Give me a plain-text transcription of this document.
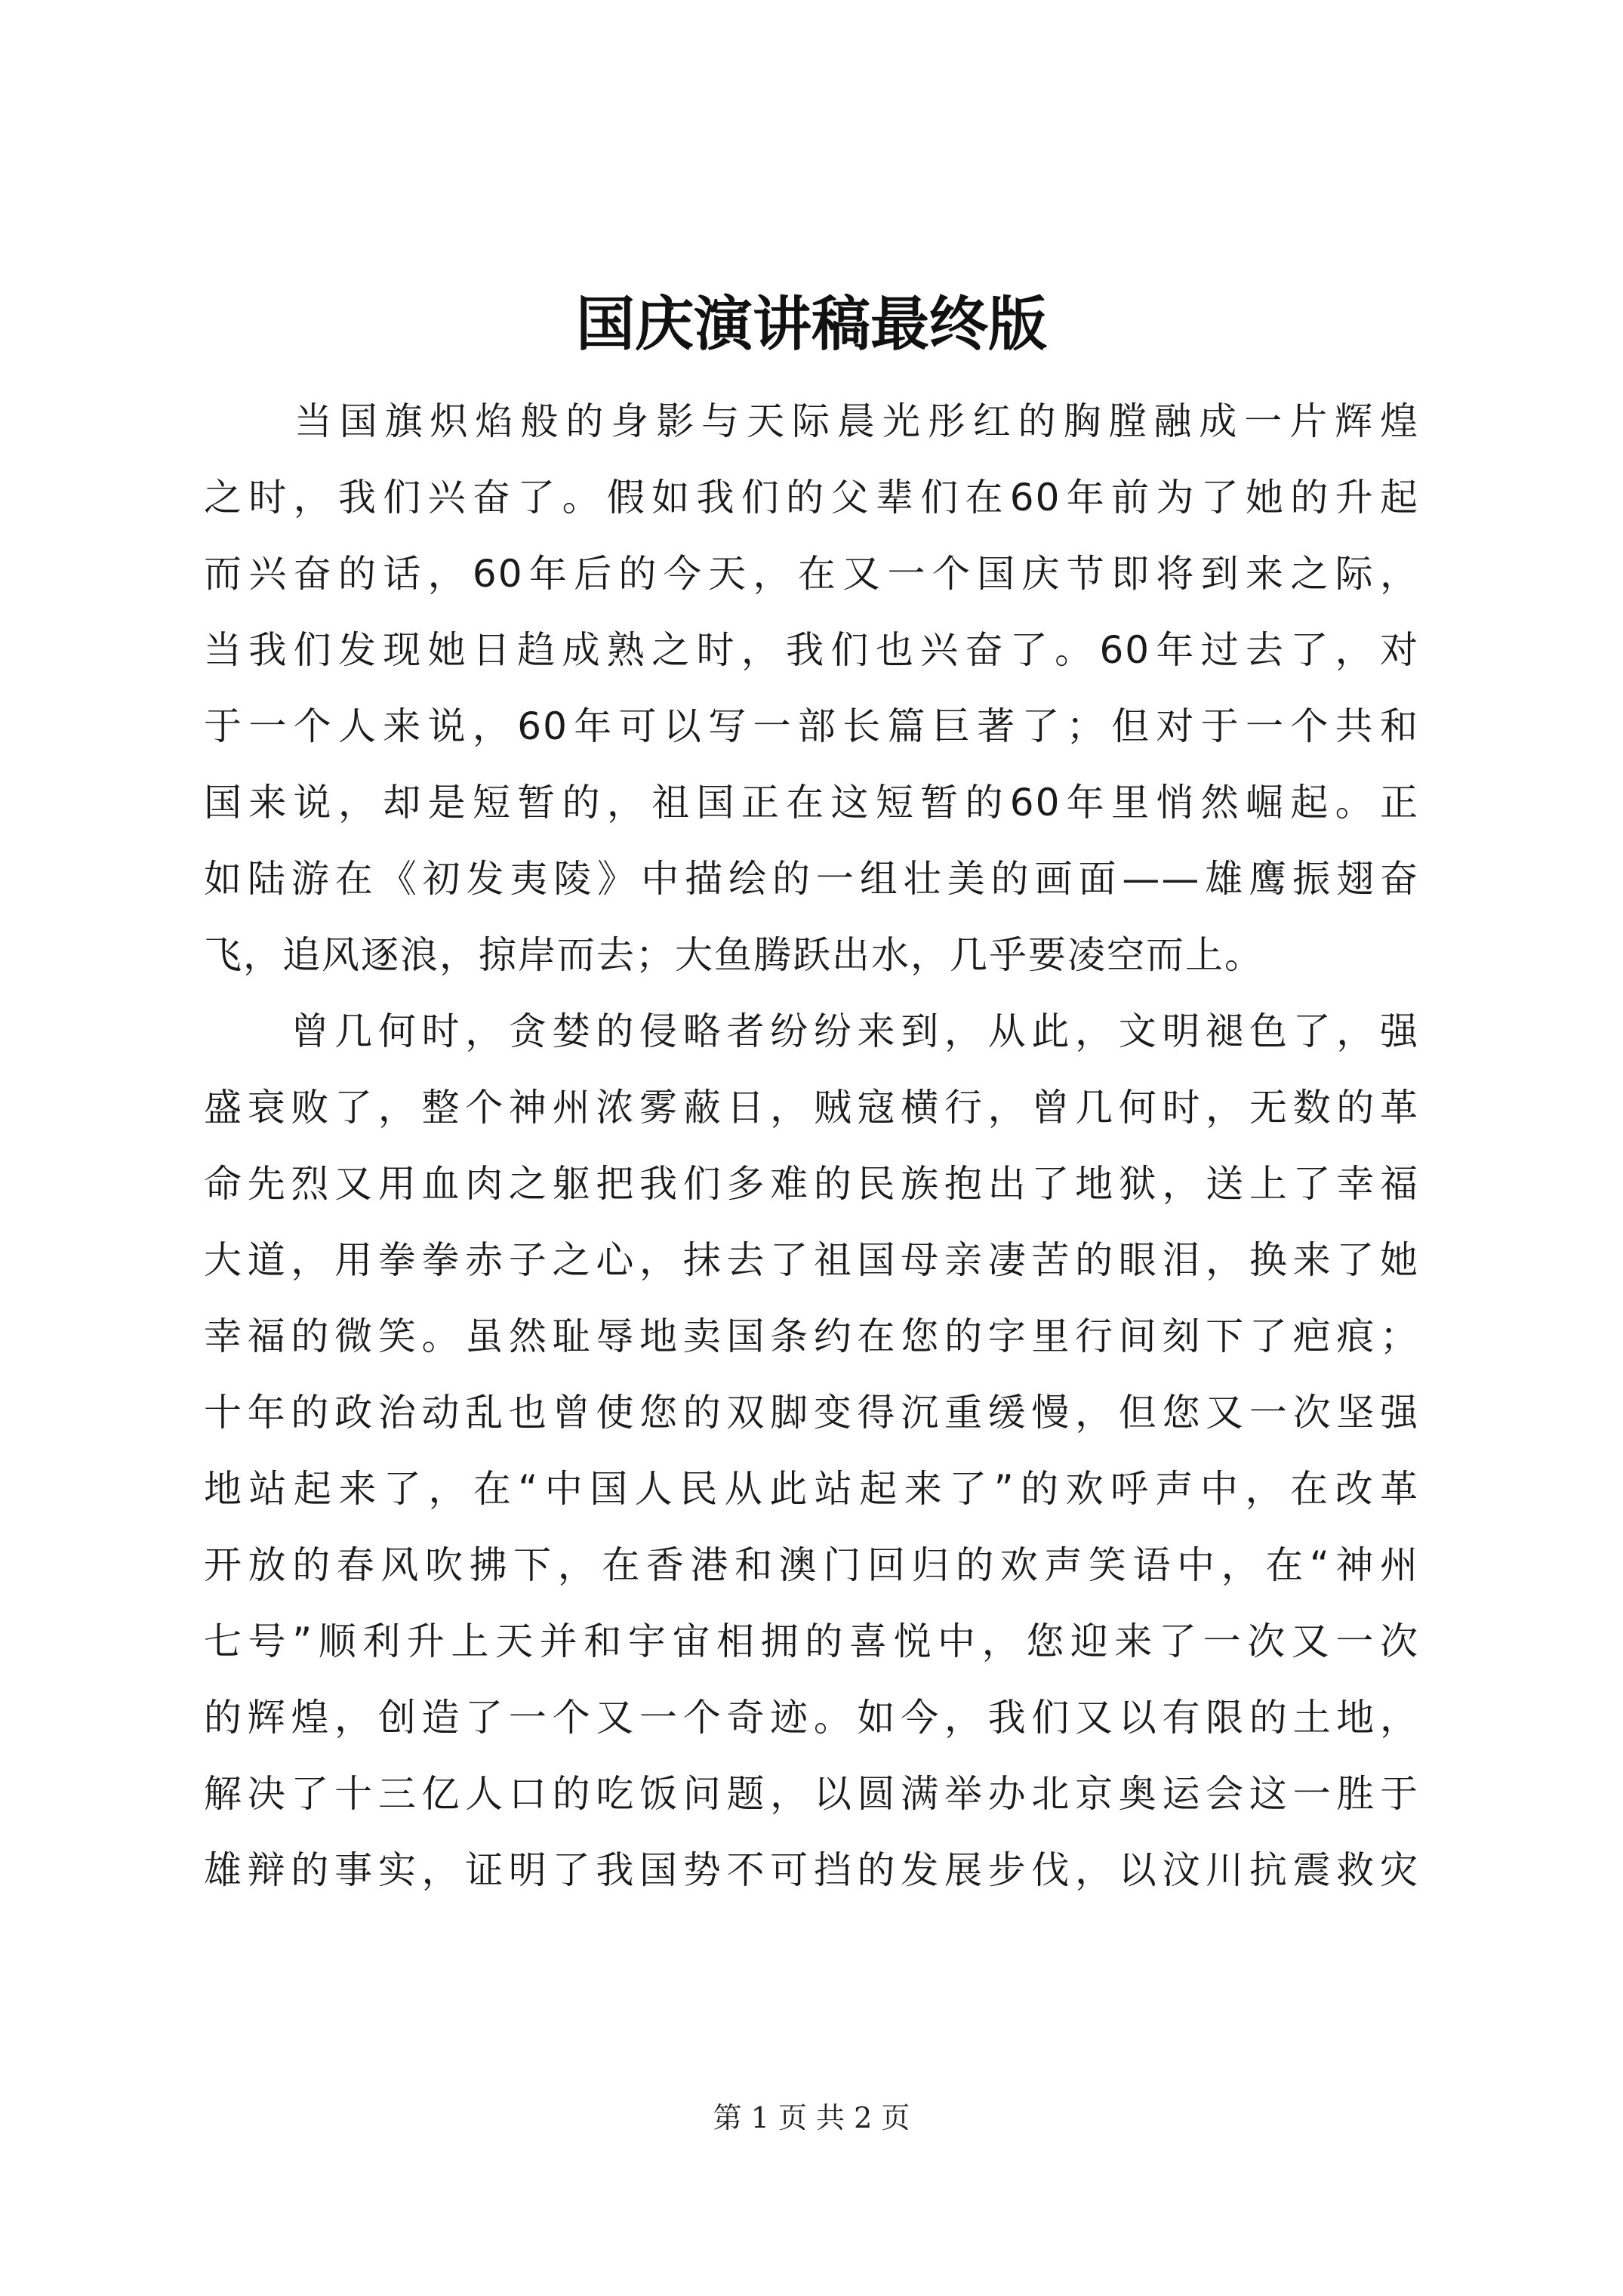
国庆演讲稿最终版
　　当国旗炽焰般的身影与天际晨光彤红的胸膛融成一片辉煌
之时，我们兴奋了。假如我们的父辈们在60年前为了她的升起
而兴奋的话，60年后的今天，在又一个国庆节即将到来之际，
当我们发现她日趋成熟之时，我们也兴奋了。60年过去了，对
于一个人来说，60年可以写一部长篇巨著了；但对于一个共和
国来说，却是短暂的，祖国正在这短暂的60年里悄然崛起。正
如陆游在《初发夷陵》中描绘的一组壮美的画面——雄鹰振翅奋
飞，追风逐浪，掠岸而去；大鱼腾跃出水，几乎要凌空而上。
　　曾几何时，贪婪的侵略者纷纷来到，从此，文明褪色了，强
盛衰败了，整个神州浓雾蔽日，贼寇横行，曾几何时，无数的革
命先烈又用血肉之躯把我们多难的民族抱出了地狱，送上了幸福
大道，用拳拳赤子之心，抹去了祖国母亲凄苦的眼泪，换来了她
幸福的微笑。虽然耻辱地卖国条约在您的字里行间刻下了疤痕；
十年的政治动乱也曾使您的双脚变得沉重缓慢，但您又一次坚强
地站起来了，在“中国人民从此站起来了”的欢呼声中，在改革
开放的春风吹拂下，在香港和澳门回归的欢声笑语中，在“神州
七号”顺利升上天并和宇宙相拥的喜悦中，您迎来了一次又一次
的辉煌，创造了一个又一个奇迹。如今，我们又以有限的土地，
解决了十三亿人口的吃饭问题，以圆满举办北京奥运会这一胜于
雄辩的事实，证明了我国势不可挡的发展步伐，以汶川抗震救灾
第 1 页 共 2 页
